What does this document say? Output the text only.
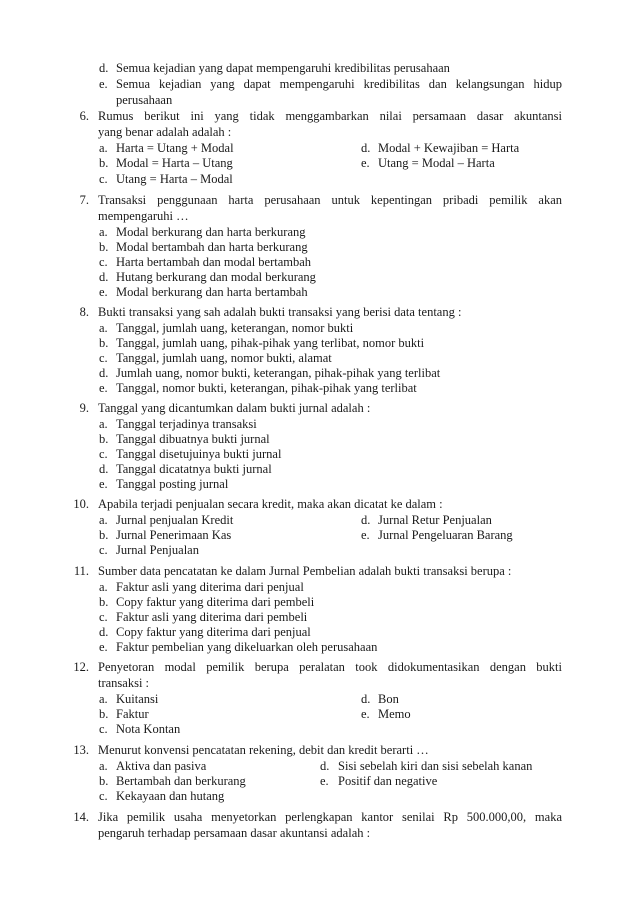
d. Semua kejadian yang dapat mempengaruhi kredibilitas perusahaan
e. Semua kejadian yang dapat mempengaruhi kredibilitas dan kelangsungan hidup
perusahaan
6. Rumus berikut ini yang tidak menggambarkan nilai persamaan dasar akuntansi
yang benar adalah adalah :
a. Harta = Utang + Modal	d. Modal + Kewajiban = Harta
b. Modal = Harta – Utang	e. Utang = Modal – Harta
c. Utang = Harta – Modal
7. Transaksi penggunaan harta perusahaan untuk kepentingan pribadi pemilik akan
mempengaruhi …
a. Modal berkurang dan harta berkurang
b. Modal bertambah dan harta berkurang
c. Harta bertambah dan modal bertambah
d. Hutang berkurang dan modal berkurang
e. Modal berkurang dan harta bertambah
8. Bukti transaksi yang sah adalah bukti transaksi yang berisi data tentang :
a. Tanggal, jumlah uang, keterangan, nomor bukti
b. Tanggal, jumlah uang, pihak-pihak yang terlibat, nomor bukti
c. Tanggal, jumlah uang, nomor bukti, alamat
d. Jumlah uang, nomor bukti, keterangan, pihak-pihak yang terlibat
e. Tanggal, nomor bukti, keterangan, pihak-pihak yang terlibat
9. Tanggal yang dicantumkan dalam bukti jurnal adalah :
a. Tanggal terjadinya transaksi
b. Tanggal dibuatnya bukti jurnal
c. Tanggal disetujuinya bukti jurnal
d. Tanggal dicatatnya bukti jurnal
e. Tanggal posting jurnal
10. Apabila terjadi penjualan secara kredit, maka akan dicatat ke dalam :
a. Jurnal penjualan Kredit	d. Jurnal Retur Penjualan
b. Jurnal Penerimaan Kas	e. Jurnal Pengeluaran Barang
c. Jurnal Penjualan
11. Sumber data pencatatan ke dalam Jurnal Pembelian adalah bukti transaksi berupa :
a. Faktur asli yang diterima dari penjual
b. Copy faktur yang diterima dari pembeli
c. Faktur asli yang diterima dari pembeli
d. Copy faktur yang diterima dari penjual
e. Faktur pembelian yang dikeluarkan oleh perusahaan
12. Penyetoran modal pemilik berupa peralatan took didokumentasikan dengan bukti
transaksi :
a. Kuitansi	d. Bon
b. Faktur	e. Memo
c. Nota Kontan
13. Menurut konvensi pencatatan rekening, debit dan kredit berarti …
a. Aktiva dan pasiva	d. Sisi sebelah kiri dan sisi sebelah kanan
b. Bertambah dan berkurang	e. Positif dan negative
c. Kekayaan dan hutang
14. Jika pemilik usaha menyetorkan perlengkapan kantor senilai Rp 500.000,00, maka
pengaruh terhadap persamaan dasar akuntansi adalah :
